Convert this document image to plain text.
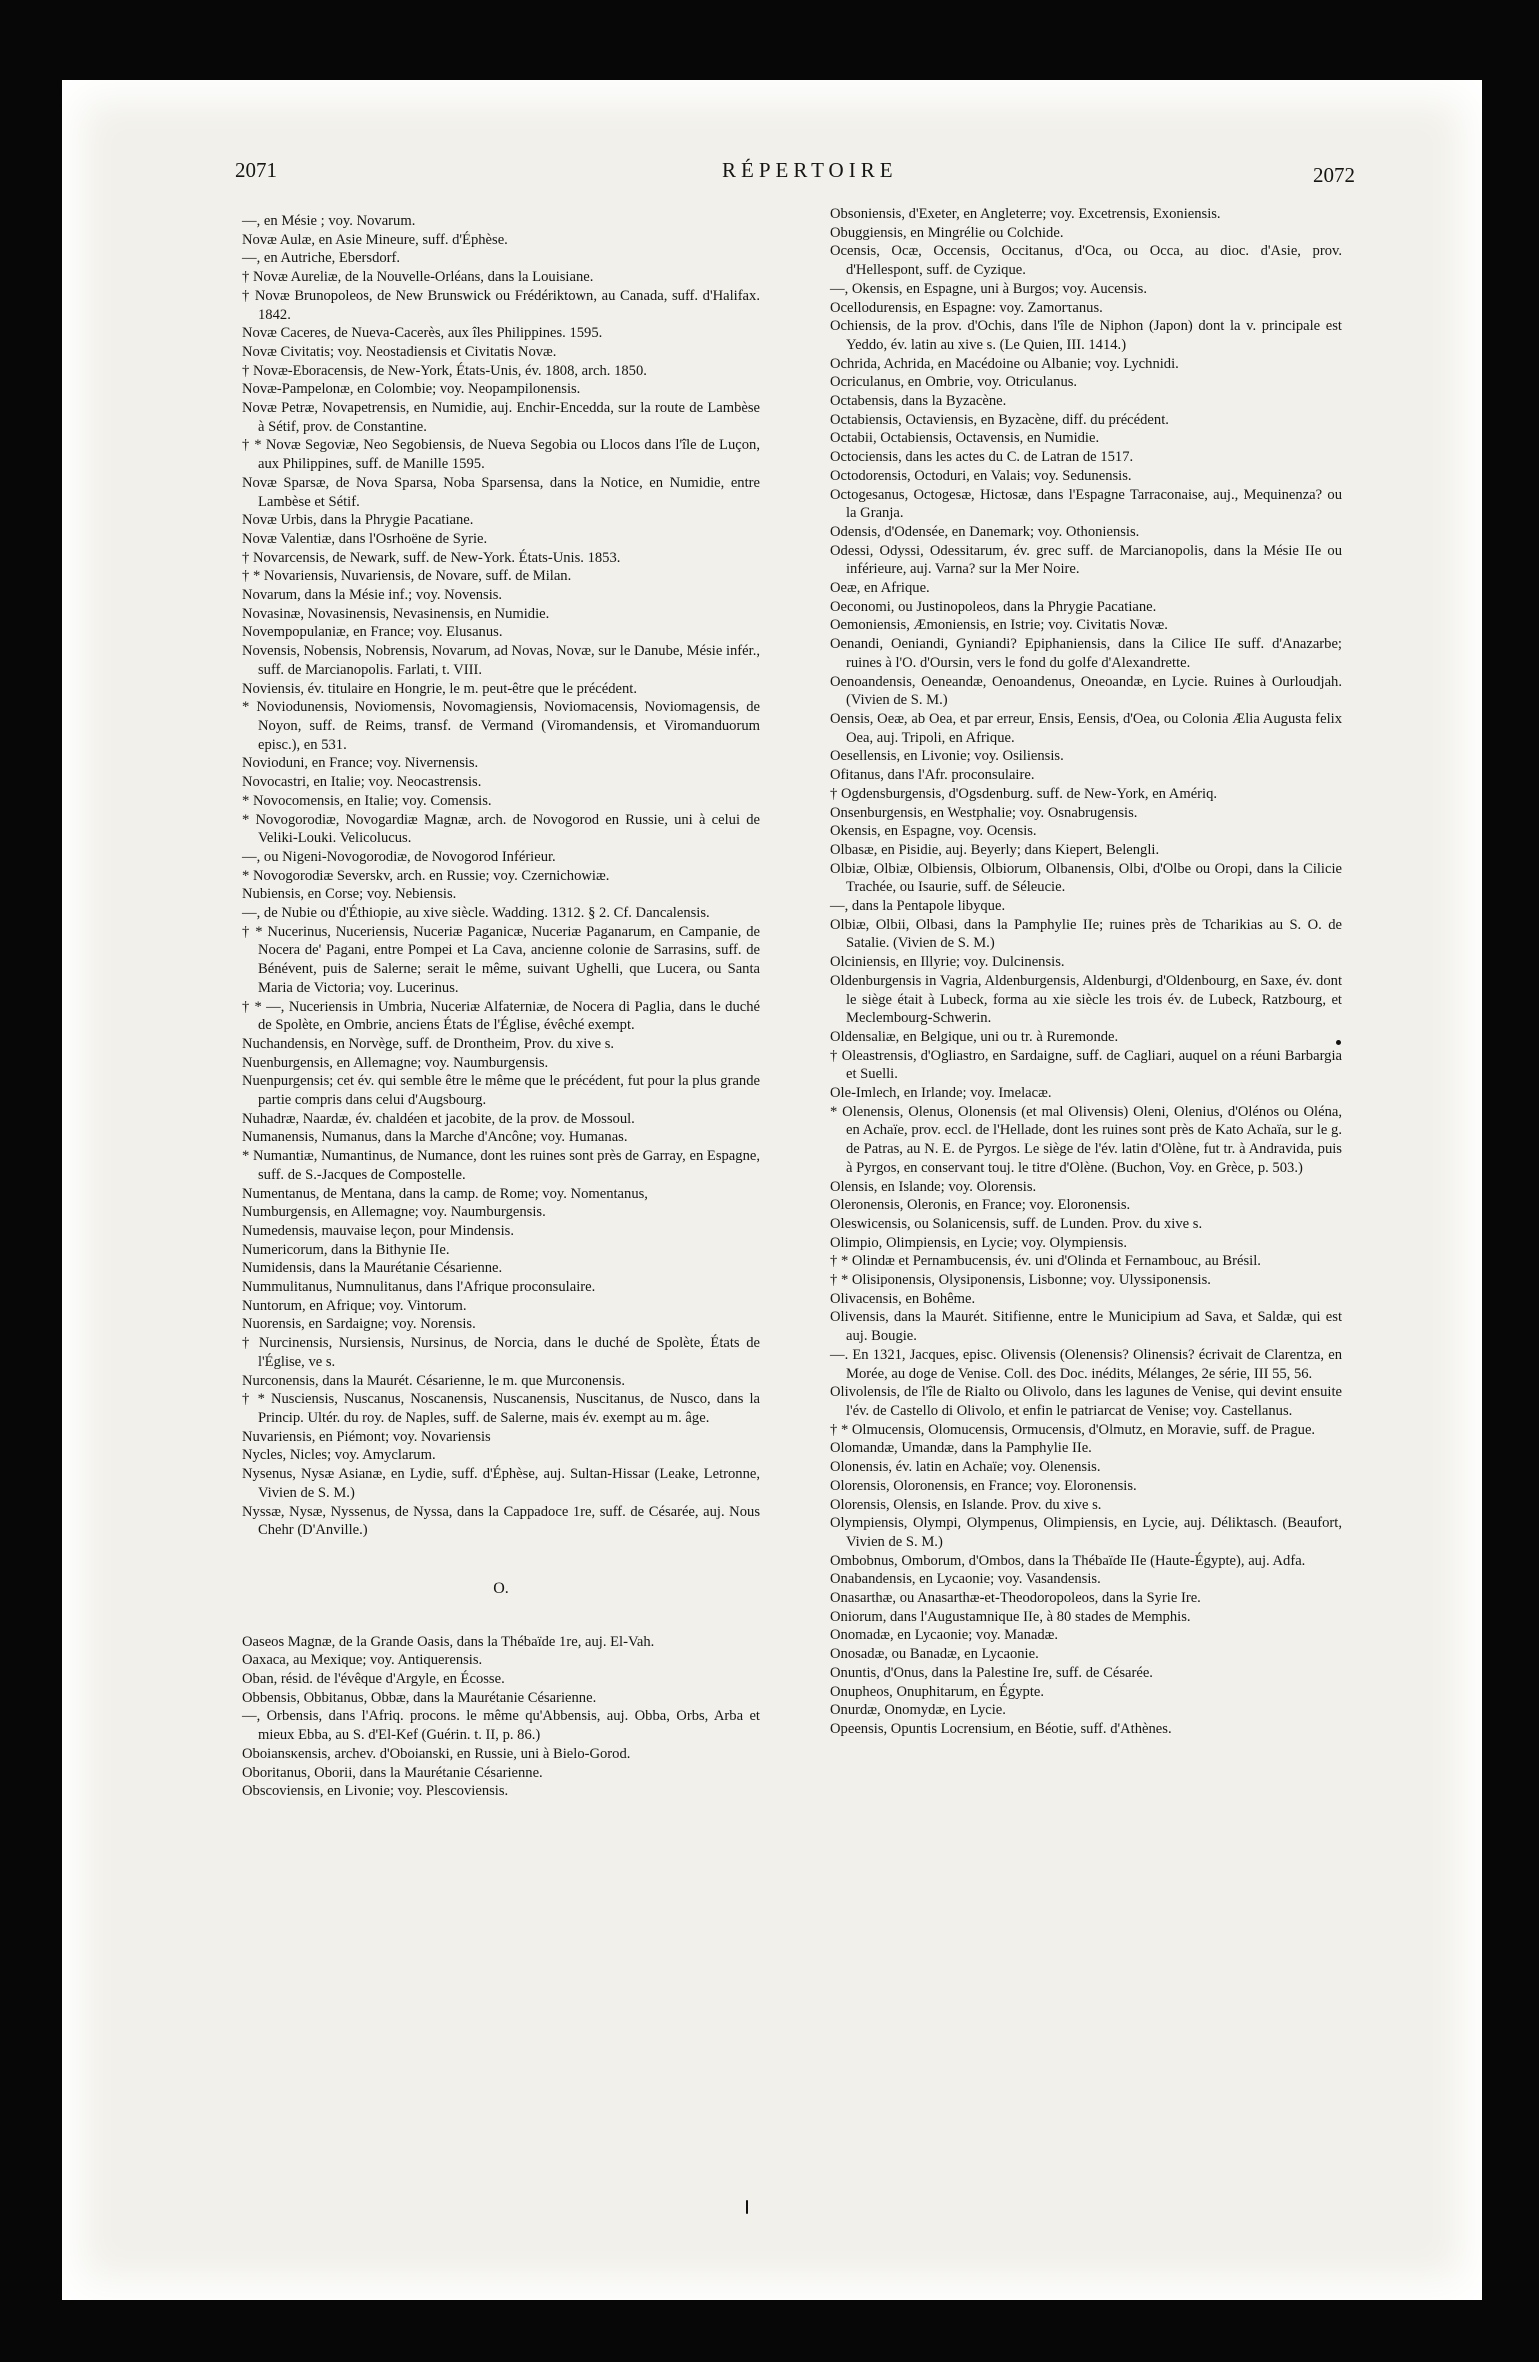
2071	RÉPERTOIRE	2072

—, en Mésie ; voy. Novarum.

Novæ Aulæ, en Asie Mineure, suff. d'Éphèse.

—, en Autriche, Ebersdorf.

† Novæ Aureliæ, de la Nouvelle-Orléans, dans la Louisiane.

† Novæ Brunopoleos, de New Brunswick ou Frédériktown, au Canada, suff. d'Halifax. 1842.

Novæ Caceres, de Nueva-Cacerès, aux îles Philippines. 1595.

Novæ Civitatis; voy. Neostadiensis et Civitatis Novæ.

† Novæ-Eboracensis, de New-York, États-Unis, év. 1808, arch. 1850.

Novæ-Pampelonæ, en Colombie; voy. Neopampilonensis.

Novæ Petræ, Novapetrensis, en Numidie, auj. Enchir-Encedda, sur la route de Lambèse à Sétif, prov. de Constantine.

† * Novæ Segoviæ, Neo Segobiensis, de Nueva Segobia ou Llocos dans l'île de Luçon, aux Philippines, suff. de Manille 1595.

Novæ Sparsæ, de Nova Sparsa, Noba Sparsensa, dans la Notice, en Numidie, entre Lambèse et Sétif.

Novæ Urbis, dans la Phrygie Pacatiane.

Novæ Valentiæ, dans l'Osrhoëne de Syrie.

† Novarcensis, de Newark, suff. de New-York. États-Unis. 1853.

† * Novariensis, Nuvariensis, de Novare, suff. de Milan.

Novarum, dans la Mésie inf.; voy. Novensis.

Novasinæ, Novasinensis, Nevasinensis, en Numidie.

Novempopulaniæ, en France; voy. Elusanus.

Novensis, Nobensis, Nobrensis, Novarum, ad Novas, Novæ, sur le Danube, Mésie infér., suff. de Marcianopolis. Farlati, t. VIII.

Noviensis, év. titulaire en Hongrie, le m. peut-être que le précédent.

* Noviodunensis, Noviomensis, Novomagiensis, Noviomacensis, Noviomagensis, de Noyon, suff. de Reims, transf. de Vermand (Viromandensis, et Viromanduorum episc.), en 531.

Novioduni, en France; voy. Nivernensis.

Novocastri, en Italie; voy. Neocastrensis.

* Novocomensis, en Italie; voy. Comensis.

* Novogorodiæ, Novogardiæ Magnæ, arch. de Novogorod en Russie, uni à celui de Veliki-Louki. Velicolucus.

—, ou Nigeni-Novogorodiæ, de Novogorod Inférieur.

* Novogorodiæ Severskv, arch. en Russie; voy. Czernichowiæ.

Nubiensis, en Corse; voy. Nebiensis.

—, de Nubie ou d'Éthiopie, au xive siècle. Wadding. 1312. § 2. Cf. Dancalensis.

† * Nucerinus, Nuceriensis, Nuceriæ Paganicæ, Nuceriæ Paganarum, en Campanie, de Nocera de' Pagani, entre Pompei et La Cava, ancienne colonie de Sarrasins, suff. de Bénévent, puis de Salerne; serait le même, suivant Ughelli, que Lucera, ou Santa Maria de Victoria; voy. Lucerinus.

† * —, Nuceriensis in Umbria, Nuceriæ Alfaterniæ, de Nocera di Paglia, dans le duché de Spolète, en Ombrie, anciens États de l'Église, évêché exempt.

Nuchandensis, en Norvège, suff. de Drontheim, Prov. du xive s.

Nuenburgensis, en Allemagne; voy. Naumburgensis.

Nuenpurgensis; cet év. qui semble être le même que le précédent, fut pour la plus grande partie compris dans celui d'Augsbourg.

Nuhadræ, Naardæ, év. chaldéen et jacobite, de la prov. de Mossoul.

Numanensis, Numanus, dans la Marche d'Ancône; voy. Humanas.

* Numantiæ, Numantinus, de Numance, dont les ruines sont près de Garray, en Espagne, suff. de S.-Jacques de Compostelle.

Numentanus, de Mentana, dans la camp. de Rome; voy. Nomentanus,

Numburgensis, en Allemagne; voy. Naumburgensis.

Numedensis, mauvaise leçon, pour Mindensis.

Numericorum, dans la Bithynie IIe.

Numidensis, dans la Maurétanie Césarienne.

Nummulitanus, Numnulitanus, dans l'Afrique proconsulaire.

Nuntorum, en Afrique; voy. Vintorum.

Nuorensis, en Sardaigne; voy. Norensis.

† Nurcinensis, Nursiensis, Nursinus, de Norcia, dans le duché de Spolète, États de l'Église, ve s.

Nurconensis, dans la Maurét. Césarienne, le m. que Murconensis.

† * Nusciensis, Nuscanus, Noscanensis, Nuscanensis, Nuscitanus, de Nusco, dans la Princip. Ultér. du roy. de Naples, suff. de Salerne, mais év. exempt au m. âge.

Nuvariensis, en Piémont; voy. Novariensis

Nycles, Nicles; voy. Amyclarum.

Nysenus, Nysæ Asianæ, en Lydie, suff. d'Éphèse, auj. Sultan-Hissar (Leake, Letronne, Vivien de S. M.)

Nyssæ, Nysæ, Nyssenus, de Nyssa, dans la Cappadoce 1re, suff. de Césarée, auj. Nous Chehr (D'Anville.)

O.

Oaseos Magnæ, de la Grande Oasis, dans la Thébaïde 1re, auj. El-Vah.

Oaxaca, au Mexique; voy. Antiquerensis.

Oban, résid. de l'évêque d'Argyle, en Écosse.

Obbensis, Obbitanus, Obbæ, dans la Maurétanie Césarienne.

—, Orbensis, dans l'Afriq. procons. le même qu'Abbensis, auj. Obba, Orbs, Arba et mieux Ebba, au S. d'El-Kef (Guérin. t. II, p. 86.)

Oboiansκensis, archev. d'Oboianski, en Russie, uni à Bielo-Gorod.

Oboritanus, Oborii, dans la Maurétanie Césarienne.

Obscoviensis, en Livonie; voy. Plescoviensis.

Obsoniensis, d'Exeter, en Angleterre; voy. Excetrensis, Exoniensis.

Obuggiensis, en Mingrélie ou Colchide.

Ocensis, Ocæ, Occensis, Occitanus, d'Oca, ou Occa, au dioc. d'Asie, prov. d'Hellespont, suff. de Cyzique.

—, Okensis, en Espagne, uni à Burgos; voy. Aucensis.

Ocellodurensis, en Espagne: voy. Zamorτanus.

Ochiensis, de la prov. d'Ochis, dans l'île de Niphon (Japon) dont la v. principale est Yeddo, év. latin au xive s. (Le Quien, III. 1414.)

Ochrida, Achrida, en Macédoine ou Albanie; voy. Lychnidi.

Ocriculanus, en Ombrie, voy. Otriculanus.

Octabensis, dans la Byzacène.

Octabiensis, Octaviensis, en Byzacène, diff. du précédent.

Octabii, Octabiensis, Octavensis, en Numidie.

Octociensis, dans les actes du C. de Latran de 1517.

Octodorensis, Octoduri, en Valais; voy. Sedunensis.

Octogesanus, Octogesæ, Hictosæ, dans l'Espagne Tarraconaise, auj., Mequinenza? ou la Granja.

Odensis, d'Odensée, en Danemark; voy. Othoniensis.

Odessi, Odyssi, Odessitarum, év. grec suff. de Marcianopolis, dans la Mésie IIe ou inférieure, auj. Varna? sur la Mer Noire.

Oeæ, en Afrique.

Oeconomi, ou Justinopoleos, dans la Phrygie Pacatiane.

Oemoniensis, Æmoniensis, en Istrie; voy. Civitatis Novæ.

Oenandi, Oeniandi, Gyniandi? Epiphaniensis, dans la Cilice IIe suff. d'Anazarbe; ruines à l'O. d'Oursin, vers le fond du golfe d'Alexandrette.

Oenoandensis, Oeneandæ, Oenoandenus, Oneoandæ, en Lycie. Ruines à Ourloudjah. (Vivien de S. M.)

Oensis, Oeæ, ab Oea, et par erreur, Ensis, Eensis, d'Oea, ou Colonia Ælia Augusta felix Oea, auj. Tripoli, en Afrique.

Oesellensis, en Livonie; voy. Osiliensis.

Ofitanus, dans l'Afr. proconsulaire.

† Ogdensburgensis, d'Ogsdenburg. suff. de New-York, en Amériq.

Onsenburgensis, en Westphalie; voy. Osnabrugensis.

Okensis, en Espagne, voy. Ocensis.

Olbasæ, en Pisidie, auj. Beyerly; dans Kiepert, Belengli.

Olbiæ, Olbiæ, Olbiensis, Olbiorum, Olbanensis, Olbi, d'Olbe ou Oropi, dans la Cilicie Trachée, ou Isaurie, suff. de Séleucie.

—, dans la Pentapole libyque.

Olbiæ, Olbii, Olbasi, dans la Pamphylie IIe; ruines près de Tcharikias au S. O. de Satalie. (Vivien de S. M.)

Olciniensis, en Illyrie; voy. Dulcinensis.

Oldenburgensis in Vagria, Aldenburgensis, Aldenburgi, d'Oldenbourg, en Saxe, év. dont le siège était à Lubeck, forma au xie siècle les trois év. de Lubeck, Ratzbourg, et Meclembourg-Schwerin.

Oldensaliæ, en Belgique, uni ou tr. à Ruremonde.

† Oleastrensis, d'Ogliastro, en Sardaigne, suff. de Cagliari, auquel on a réuni Barbargia et Suelli.

Ole-Imlech, en Irlande; voy. Imelacæ.

* Olenensis, Olenus, Olonensis (et mal Olivensis) Oleni, Olenius, d'Olénos ou Oléna, en Achaïe, prov. eccl. de l'Hellade, dont les ruines sont près de Kato Achaïa, sur le g. de Patras, au N. E. de Pyrgos. Le siège de l'év. latin d'Olène, fut tr. à Andravida, puis à Pyrgos, en conservant touj. le titre d'Olène. (Buchon, Voy. en Grèce, p. 503.)

Olensis, en Islande; voy. Olorensis.

Oleronensis, Oleronis, en France; voy. Eloronensis.

Oleswicensis, ou Solanicensis, suff. de Lunden. Prov. du xive s.

Olimpio, Olimpiensis, en Lycie; voy. Olympiensis.

† * Olindæ et Pernambucensis, év. uni d'Olinda et Fernambouc, au Brésil.

† * Olisiponensis, Olysiponensis, Lisbonne; voy. Ulyssiponensis.

Olivacensis, en Bohême.

Olivensis, dans la Maurét. Sitifienne, entre le Municipium ad Sava, et Saldæ, qui est auj. Bougie.

—. En 1321, Jacques, episc. Olivensis (Olenensis? Olinensis? écrivait de Clarentza, en Morée, au doge de Venise. Coll. des Doc. inédits, Mélanges, 2e série, III 55, 56.

Olivolensis, de l'île de Rialto ou Olivolo, dans les lagunes de Venise, qui devint ensuite l'év. de Castello di Olivolo, et enfin le patriarcat de Venise; voy. Castellanus.

† * Olmucensis, Olomucensis, Ormucensis, d'Olmutz, en Moravie, suff. de Prague.

Olomandæ, Umandæ, dans la Pamphylie IIe.

Olonensis, év. latin en Achaïe; voy. Olenensis.

Olorensis, Oloronensis, en France; voy. Eloronensis.

Olorensis, Olensis, en Islande. Prov. du xive s.

Olympiensis, Olympi, Olympenus, Olimpiensis, en Lycie, auj. Déliktasch. (Beaufort, Vivien de S. M.)

Ombobnus, Omborum, d'Ombos, dans la Thébaïde IIe (Haute-Égypte), auj. Adfa.

Onabandensis, en Lycaonie; voy. Vasandensis.

Onasarthæ, ou Anasarthæ-et-Theodoropoleos, dans la Syrie Ire.

Oniorum, dans l'Augustamnique IIe, à 80 stades de Memphis.

Onomadæ, en Lycaonie; voy. Manadæ.

Onosadæ, ou Banadæ, en Lycaonie.

Onuntis, d'Onus, dans la Palestine Ire, suff. de Césarée.

Onupheos, Onuphitarum, en Égypte.

Onurdæ, Onomydæ, en Lycie.

Opeensis, Opuntis Locrensium, en Béotie, suff. d'Athènes.
